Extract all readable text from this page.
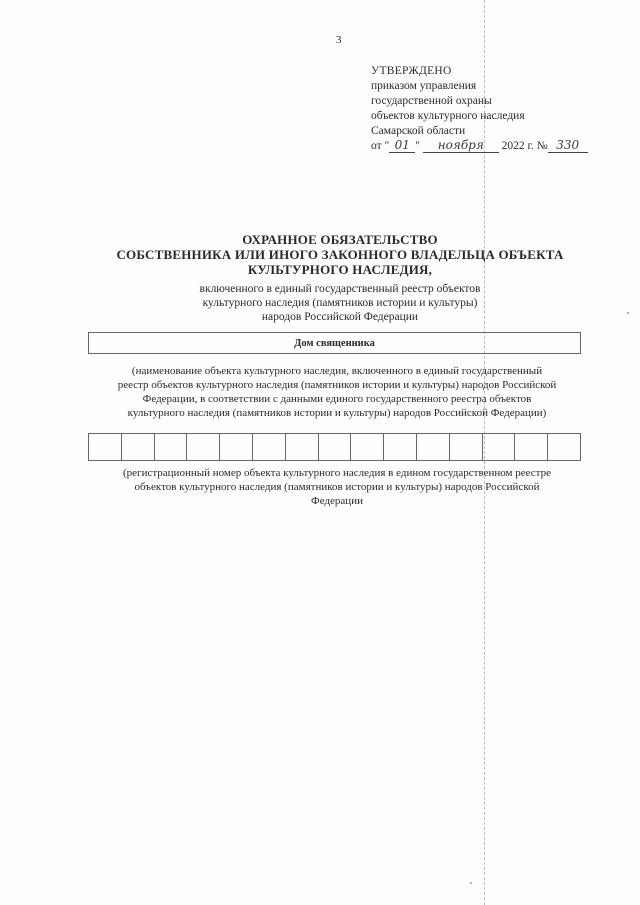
3
УТВЕРЖДЕНО
приказом управления
государственной охраны
объектов культурного наследия
Самарской области
от " 01 " ноября 2022 г. № 330
ОХРАННОЕ ОБЯЗАТЕЛЬСТВО
СОБСТВЕННИКА ИЛИ ИНОГО ЗАКОННОГО ВЛАДЕЛЬЦА ОБЪЕКТА
КУЛЬТУРНОГО НАСЛЕДИЯ,
включенного в единый государственный реестр объектов
культурного наследия (памятников истории и культуры)
народов Российской Федерации
Дом священника
(наименование объекта культурного наследия, включенного в единый государственный
реестр объектов культурного наследия (памятников истории и культуры) народов Российской
Федерации, в соответствии с данными единого государственного реестра объектов
культурного наследия (памятников истории и культуры) народов Российской Федерации)
(регистрационный номер объекта культурного наследия в едином государственном реестре
объектов культурного наследия (памятников истории и культуры) народов Российской
Федерации
